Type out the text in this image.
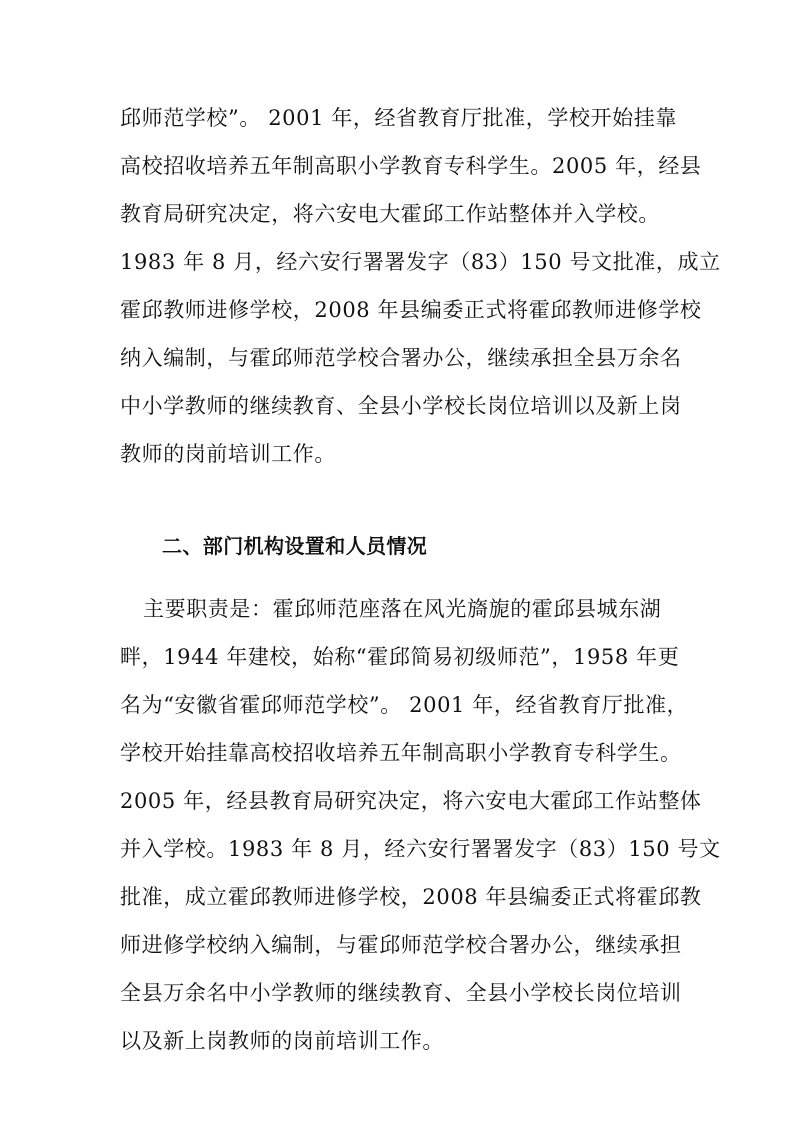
邱师范学校”。 2001 年，经省教育厅批准，学校开始挂靠
高校招收培养五年制高职小学教育专科学生。2005 年，经县
教育局研究决定，将六安电大霍邱工作站整体并入学校。
1983 年 8 月，经六安行署署发字（83）150 号文批准，成立
霍邱教师进修学校，2008 年县编委正式将霍邱教师进修学校
纳入编制，与霍邱师范学校合署办公，继续承担全县万余名
中小学教师的继续教育、全县小学校长岗位培训以及新上岗
教师的岗前培训工作。
二、部门机构设置和人员情况
主要职责是：霍邱师范座落在风光旖旎的霍邱县城东湖
畔，1944 年建校，始称“霍邱简易初级师范”，1958 年更
名为“安徽省霍邱师范学校”。 2001 年，经省教育厅批准，
学校开始挂靠高校招收培养五年制高职小学教育专科学生。
2005 年，经县教育局研究决定，将六安电大霍邱工作站整体
并入学校。1983 年 8 月，经六安行署署发字（83）150 号文
批准，成立霍邱教师进修学校，2008 年县编委正式将霍邱教
师进修学校纳入编制，与霍邱师范学校合署办公，继续承担
全县万余名中小学教师的继续教育、全县小学校长岗位培训
以及新上岗教师的岗前培训工作。
